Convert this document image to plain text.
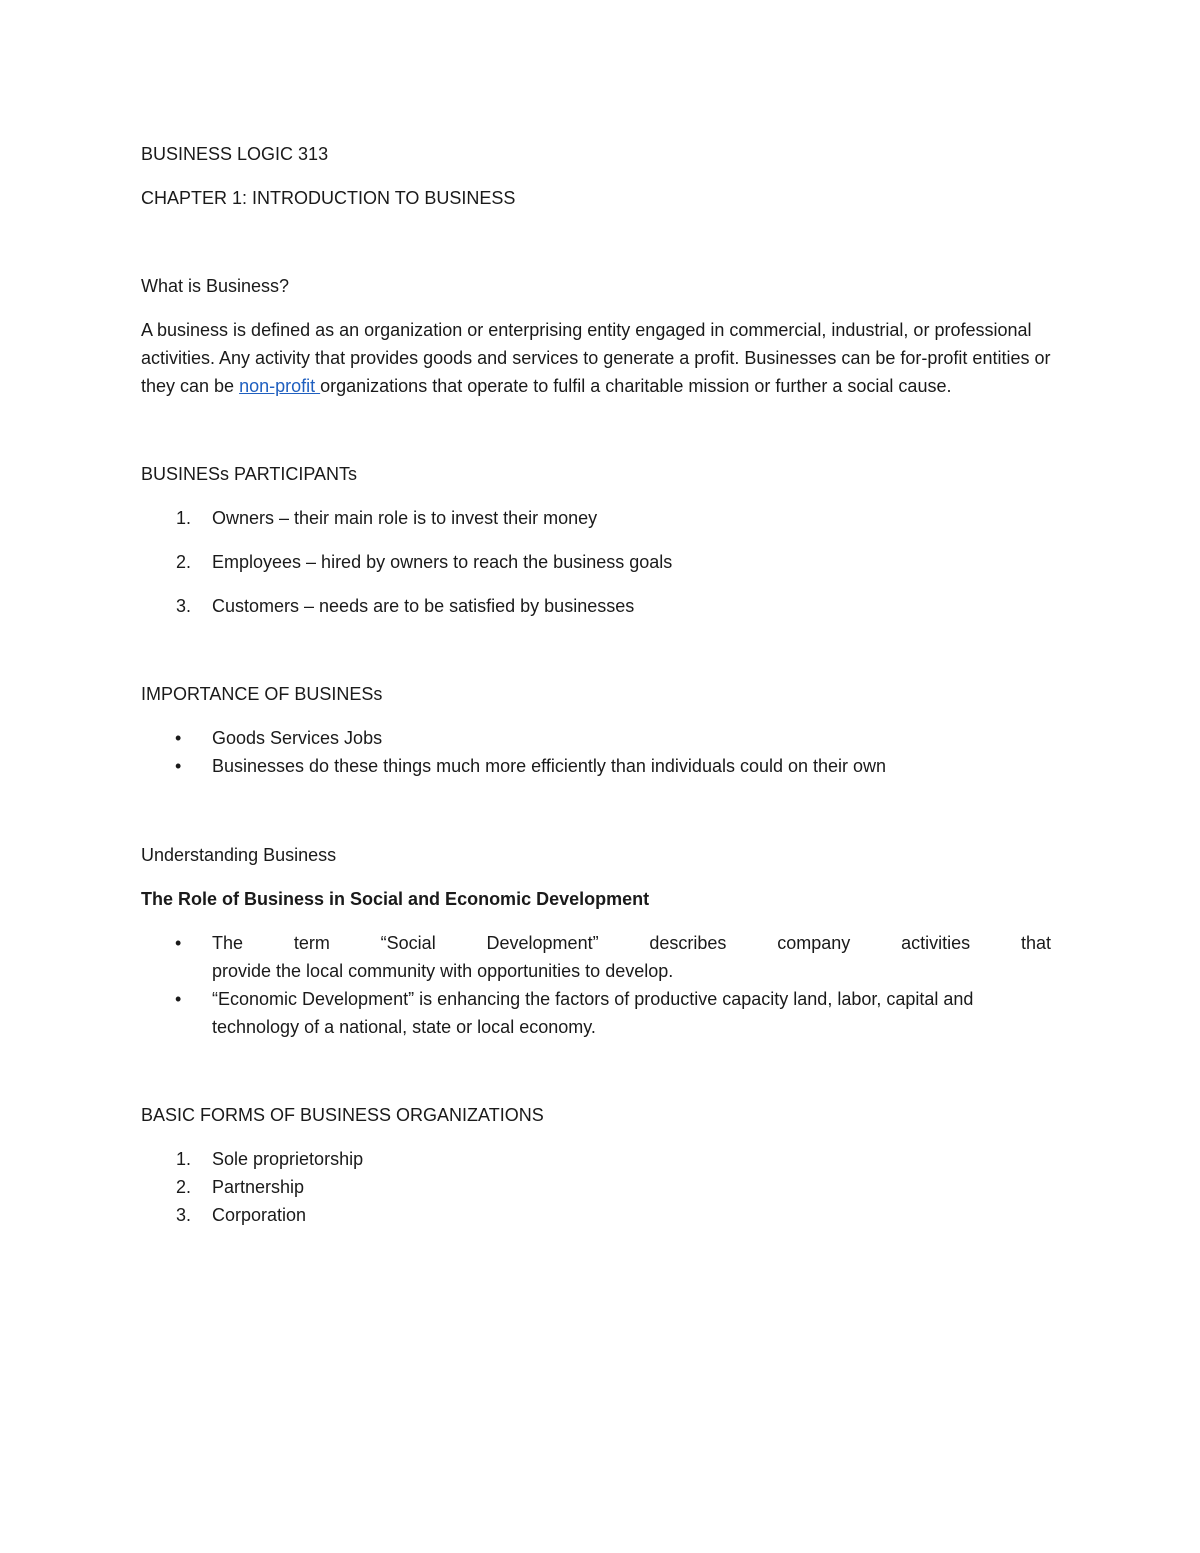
BUSINESS LOGIC 313

CHAPTER 1: INTRODUCTION TO BUSINESS

What is Business?

A business is defined as an organization or enterprising entity engaged in commercial, industrial, or professional activities. Any activity that provides goods and services to generate a profit. Businesses can be for-profit entities or they can be non-profit organizations that operate to fulfil a charitable mission or further a social cause.

BUSINESs PARTICIPANTs

1. Owners – their main role is to invest their money
2. Employees – hired by owners to reach the business goals
3. Customers – needs are to be satisfied by businesses

IMPORTANCE OF BUSINESs

• Goods Services Jobs
• Businesses do these things much more efficiently than individuals could on their own

Understanding Business

The Role of Business in Social and Economic Development

• The term “Social Development” describes company activities that
provide the local community with opportunities to develop.
• “Economic Development” is enhancing the factors of productive capacity land, labor, capital and technology of a national, state or local economy.

BASIC FORMS OF BUSINESS ORGANIZATIONS

1. Sole proprietorship
2. Partnership
3. Corporation
